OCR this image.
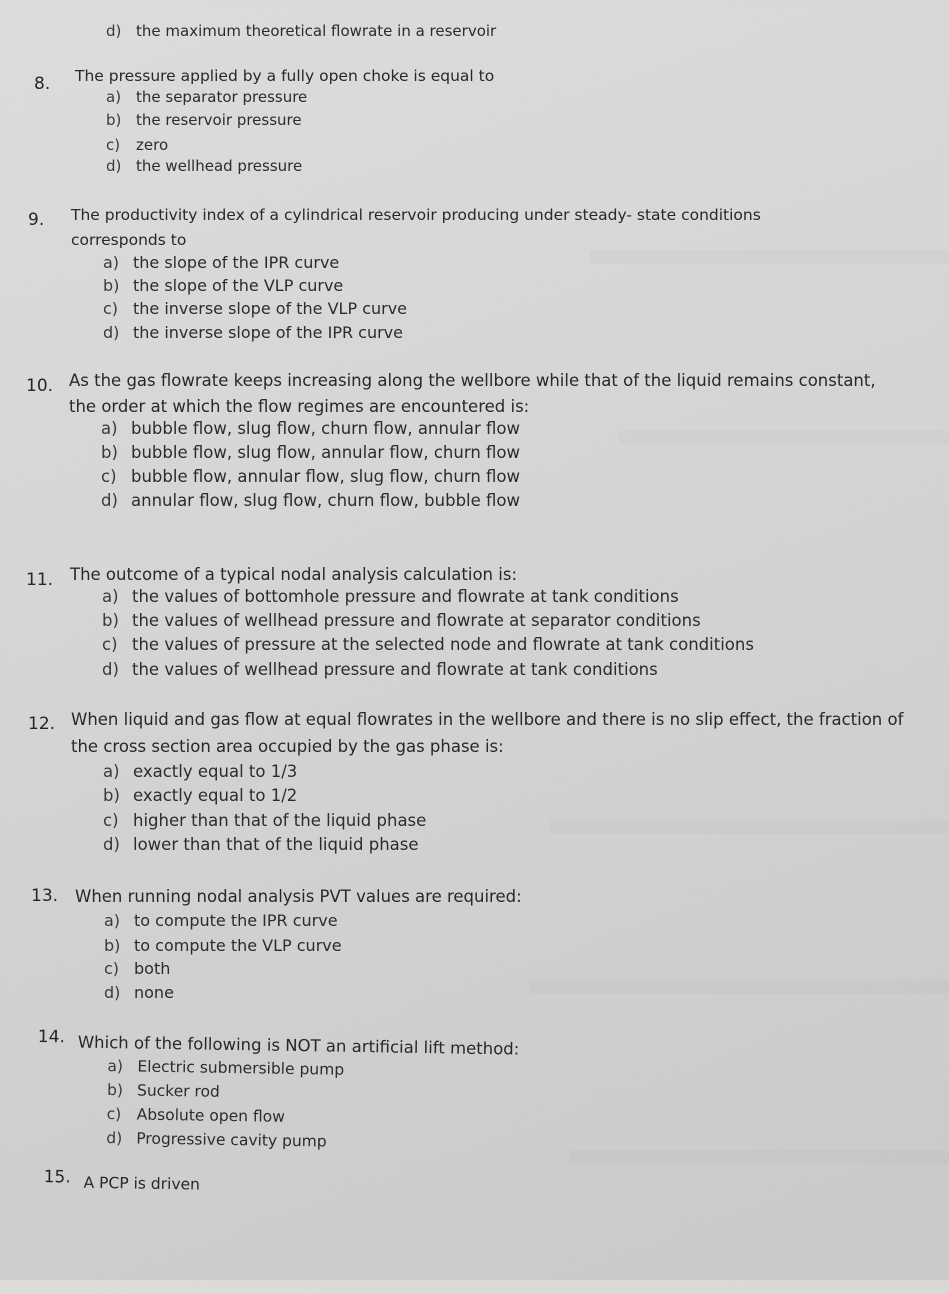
d) the maximum theoretical flowrate in a reservoir
8. The pressure applied by a fully open choke is equal to
a) the separator pressure
b) the reservoir pressure
c) zero
d) the wellhead pressure
9. The productivity index of a cylindrical reservoir producing under steady- state conditions
corresponds to
a) the slope of the IPR curve
b) the slope of the VLP curve
c) the inverse slope of the VLP curve
d) the inverse slope of the IPR curve
10. As the gas flowrate keeps increasing along the wellbore while that of the liquid remains constant,
the order at which the flow regimes are encountered is:
a) bubble flow, slug flow, churn flow, annular flow
b) bubble flow, slug flow, annular flow, churn flow
c) bubble flow, annular flow, slug flow, churn flow
d) annular flow, slug flow, churn flow, bubble flow
11. The outcome of a typical nodal analysis calculation is:
a) the values of bottomhole pressure and flowrate at tank conditions
b) the values of wellhead pressure and flowrate at separator conditions
c) the values of pressure at the selected node and flowrate at tank conditions
d) the values of wellhead pressure and flowrate at tank conditions
12. When liquid and gas flow at equal flowrates in the wellbore and there is no slip effect, the fraction of
the cross section area occupied by the gas phase is:
a) exactly equal to 1/3
b) exactly equal to 1/2
c) higher than that of the liquid phase
d) lower than that of the liquid phase
13. When running nodal analysis PVT values are required:
a) to compute the IPR curve
b) to compute the VLP curve
c) both
d) none
14. Which of the following is NOT an artificial lift method:
a) Electric submersible pump
b) Sucker rod
c) Absolute open flow
d) Progressive cavity pump
15. A PCP is driven
